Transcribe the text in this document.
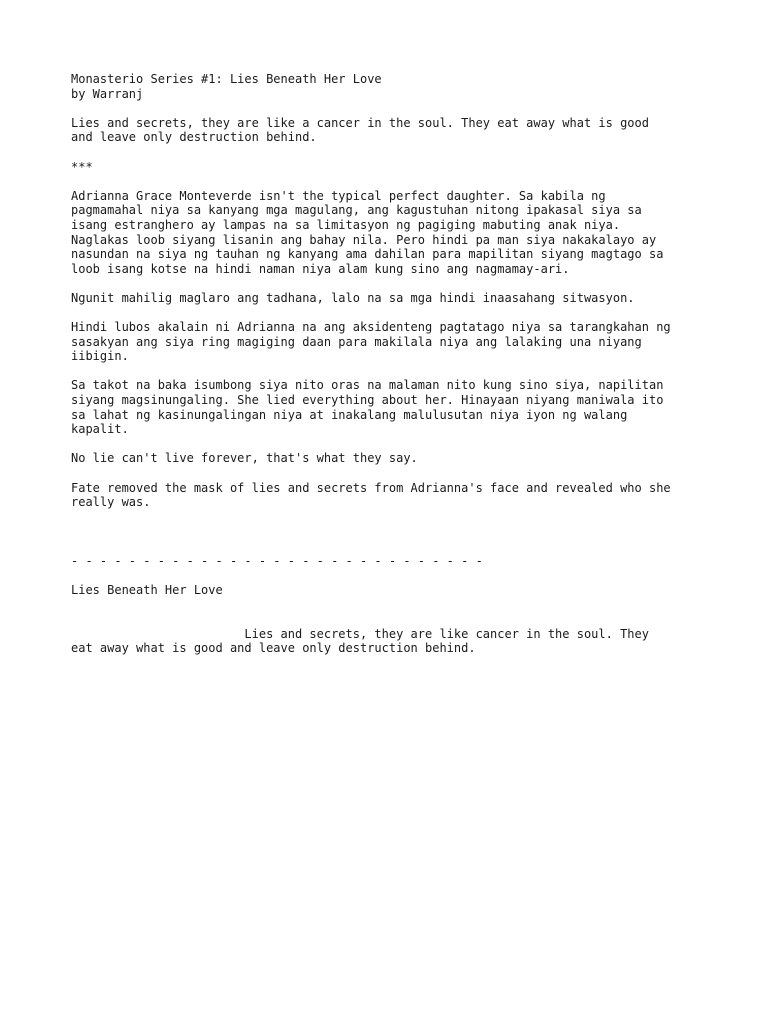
Monasterio Series #1: Lies Beneath Her Love
by Warranj
Lies and secrets, they are like a cancer in the soul. They eat away what is good
and leave only destruction behind.
***
Adrianna Grace Monteverde isn't the typical perfect daughter. Sa kabila ng
pagmamahal niya sa kanyang mga magulang, ang kagustuhan nitong ipakasal siya sa
isang estranghero ay lampas na sa limitasyon ng pagiging mabuting anak niya.
Naglakas loob siyang lisanin ang bahay nila. Pero hindi pa man siya nakakalayo ay
nasundan na siya ng tauhan ng kanyang ama dahilan para mapilitan siyang magtago sa
loob isang kotse na hindi naman niya alam kung sino ang nagmamay-ari.
Ngunit mahilig maglaro ang tadhana, lalo na sa mga hindi inaasahang sitwasyon.
Hindi lubos akalain ni Adrianna na ang aksidenteng pagtatago niya sa tarangkahan ng
sasakyan ang siya ring magiging daan para makilala niya ang lalaking una niyang
iibigin.
Sa takot na baka isumbong siya nito oras na malaman nito kung sino siya, napilitan
siyang magsinungaling. She lied everything about her. Hinayaan niyang maniwala ito
sa lahat ng kasinungalingan niya at inakalang malulusutan niya iyon ng walang
kapalit.
No lie can't live forever, that's what they say.
Fate removed the mask of lies and secrets from Adrianna's face and revealed who she
really was.
- - - - - - - - - - - - - - - - - - - - - - - - - - - - -
Lies Beneath Her Love
Lies and secrets, they are like cancer in the soul. They
eat away what is good and leave only destruction behind.
